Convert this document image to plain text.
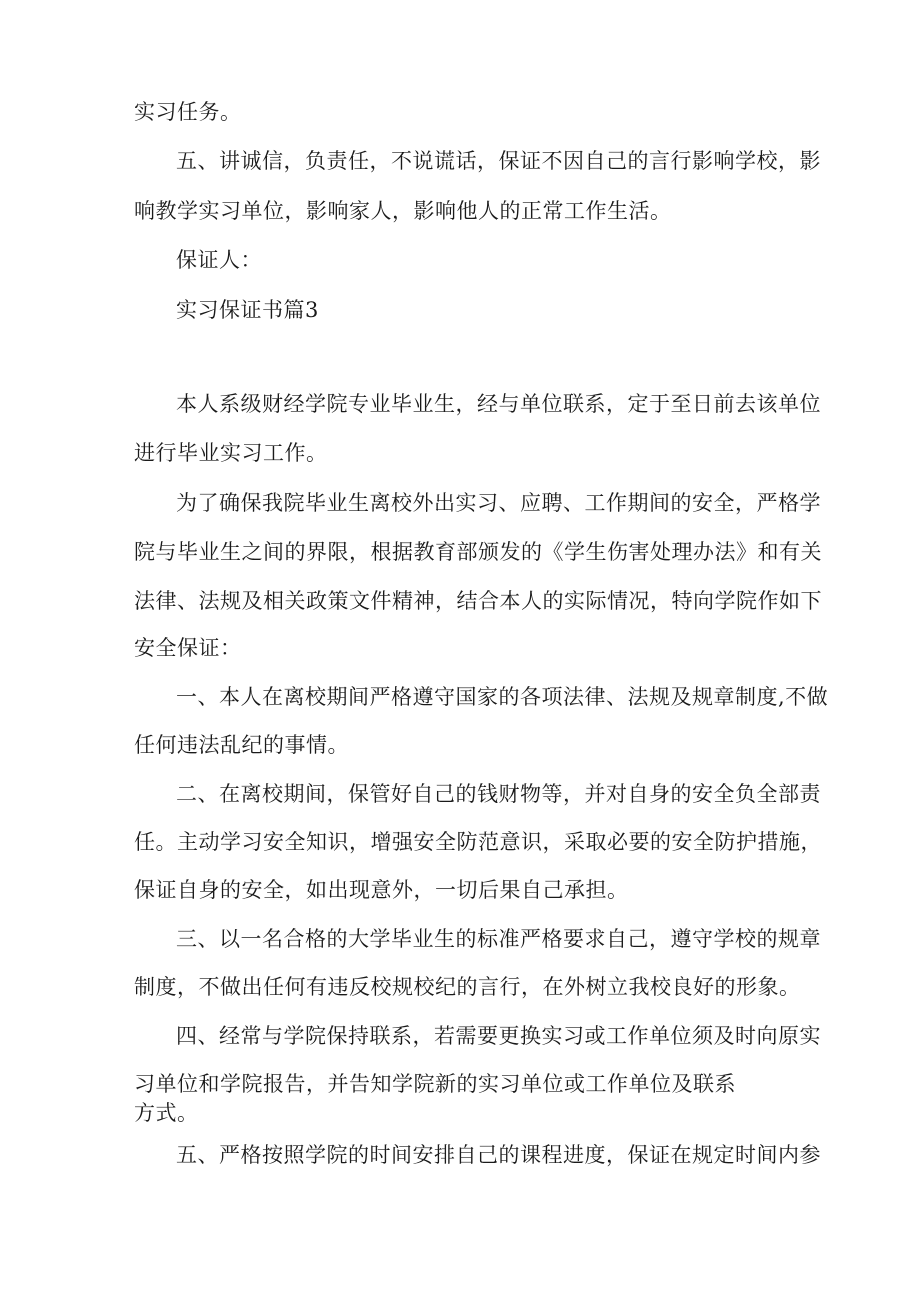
实习任务。
五、讲诚信，负责任，不说谎话，保证不因自己的言行影响学校，影
响教学实习单位，影响家人，影响他人的正常工作生活。
保证人：
实习保证书篇3
本人系级财经学院专业毕业生，经与单位联系，定于至日前去该单位
进行毕业实习工作。
为了确保我院毕业生离校外出实习、应聘、工作期间的安全，严格学
院与毕业生之间的界限，根据教育部颁发的《学生伤害处理办法》和有关
法律、法规及相关政策文件精神，结合本人的实际情况，特向学院作如下
安全保证：
一、本人在离校期间严格遵守国家的各项法律、法规及规章制度,不做
任何违法乱纪的事情。
二、在离校期间，保管好自己的钱财物等，并对自身的安全负全部责
任。主动学习安全知识，增强安全防范意识，采取必要的安全防护措施，
保证自身的安全，如出现意外，一切后果自己承担。
三、以一名合格的大学毕业生的标准严格要求自己，遵守学校的规章
制度，不做出任何有违反校规校纪的言行，在外树立我校良好的形象。
四、经常与学院保持联系，若需要更换实习或工作单位须及时向原实
习单位和学院报告，并告知学院新的实习单位或工作单位及联系
方式。
五、严格按照学院的时间安排自己的课程进度，保证在规定时间内参
